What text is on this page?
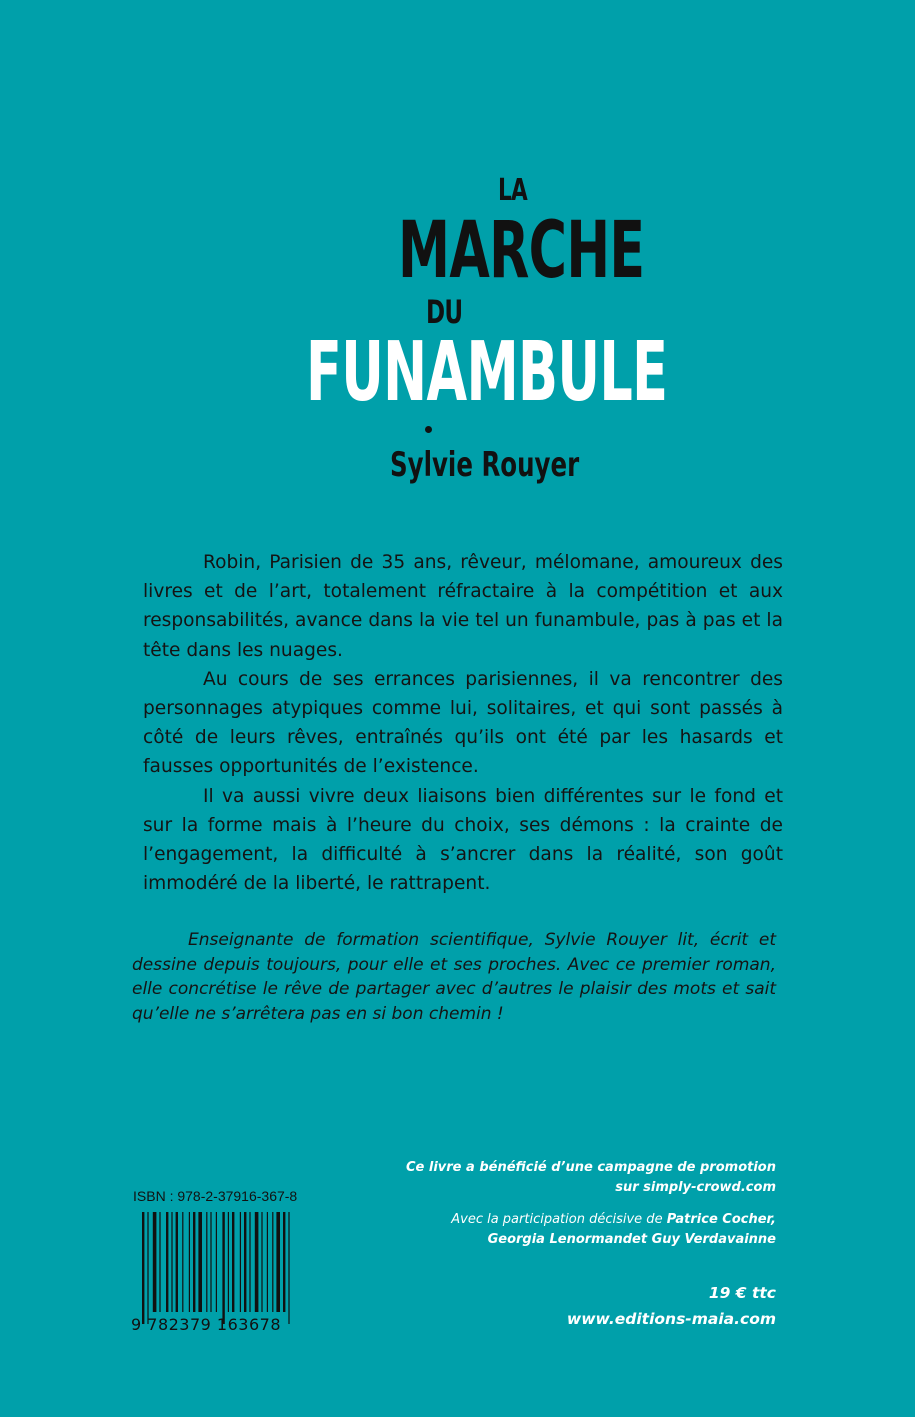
LA
MARCHE
DU
FUNAMBULE
Sylvie Rouyer

Robin, Parisien de 35 ans, rêveur, mélomane, amoureux des livres et de l’art, totalement réfractaire à la compétition et aux responsabilités, avance dans la vie tel un funambule, pas à pas et la tête dans les nuages.

Au cours de ses errances parisiennes, il va rencontrer des personnages atypiques comme lui, solitaires, et qui sont passés à côté de leurs rêves, entraînés qu’ils ont été par les hasards et fausses opportunités de l’existence.

Il va aussi vivre deux liaisons bien différentes sur le fond et sur la forme mais à l’heure du choix, ses démons : la crainte de l’engagement, la difficulté à s’ancrer dans la réalité, son goût immodéré de la liberté, le rattrapent.

Enseignante de formation scientifique, Sylvie Rouyer lit, écrit et dessine depuis toujours, pour elle et ses proches. Avec ce premier roman, elle concrétise le rêve de partager avec d’autres le plaisir des mots et sait qu’elle ne s’arrêtera pas en si bon chemin !

ISBN : 978-2-37916-367-8
9 782379 163678
Ce livre a bénéficié d’une campagne de promotion
sur simply-crowd.com
Avec la participation décisive de Patrice Cocher,
Georgia Lenormandet Guy Verdavainne
19 € ttc
www.editions-maia.com
